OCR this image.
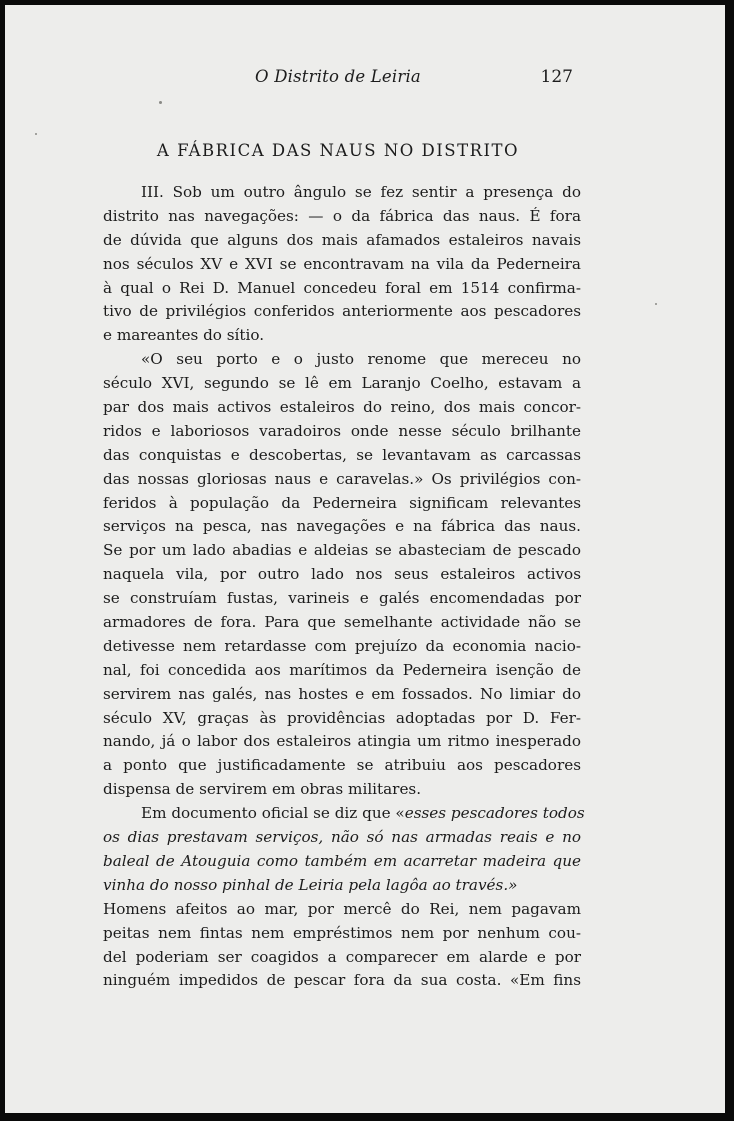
O Distrito de Leiria	127
A FÁBRICA DAS NAUS NO DISTRITO
III. Sob um outro ângulo se fez sentir a presença do
distrito nas navegações: — o da fábrica das naus. É fora
de dúvida que alguns dos mais afamados estaleiros navais
nos séculos XV e XVI se encontravam na vila da Pederneira
à qual o Rei D. Manuel concedeu foral em 1514 confirma-
tivo de privilégios conferidos anteriormente aos pescadores
e mareantes do sítio.
«O seu porto e o justo renome que mereceu no
século XVI, segundo se lê em Laranjo Coelho, estavam a
par dos mais activos estaleiros do reino, dos mais concor-
ridos e laboriosos varadoiros onde nesse século brilhante
das conquistas e descobertas, se levantavam as carcassas
das nossas gloriosas naus e caravelas.» Os privilégios con-
feridos à população da Pederneira significam relevantes
serviços na pesca, nas navegações e na fábrica das naus.
Se por um lado abadias e aldeias se abasteciam de pescado
naquela vila, por outro lado nos seus estaleiros activos
se construíam fustas, varineis e galés encomendadas por
armadores de fora. Para que semelhante actividade não se
detivesse nem retardasse com prejuízo da economia nacio-
nal, foi concedida aos marítimos da Pederneira isenção de
servirem nas galés, nas hostes e em fossados. No limiar do
século XV, graças às providências adoptadas por D. Fer-
nando, já o labor dos estaleiros atingia um ritmo inesperado
a ponto que justificadamente se atribuiu aos pescadores
dispensa de servirem em obras militares.
Em documento oficial se diz que «esses pescadores todos
os dias prestavam serviços, não só nas armadas reais e no
baleal de Atouguia como também em acarretar madeira que
vinha do nosso pinhal de Leiria pela lagôa ao través.»
Homens afeitos ao mar, por mercê do Rei, nem pagavam
peitas nem fintas nem empréstimos nem por nenhum cou-
del poderiam ser coagidos a comparecer em alarde e por
ninguém impedidos de pescar fora da sua costa. «Em fins
